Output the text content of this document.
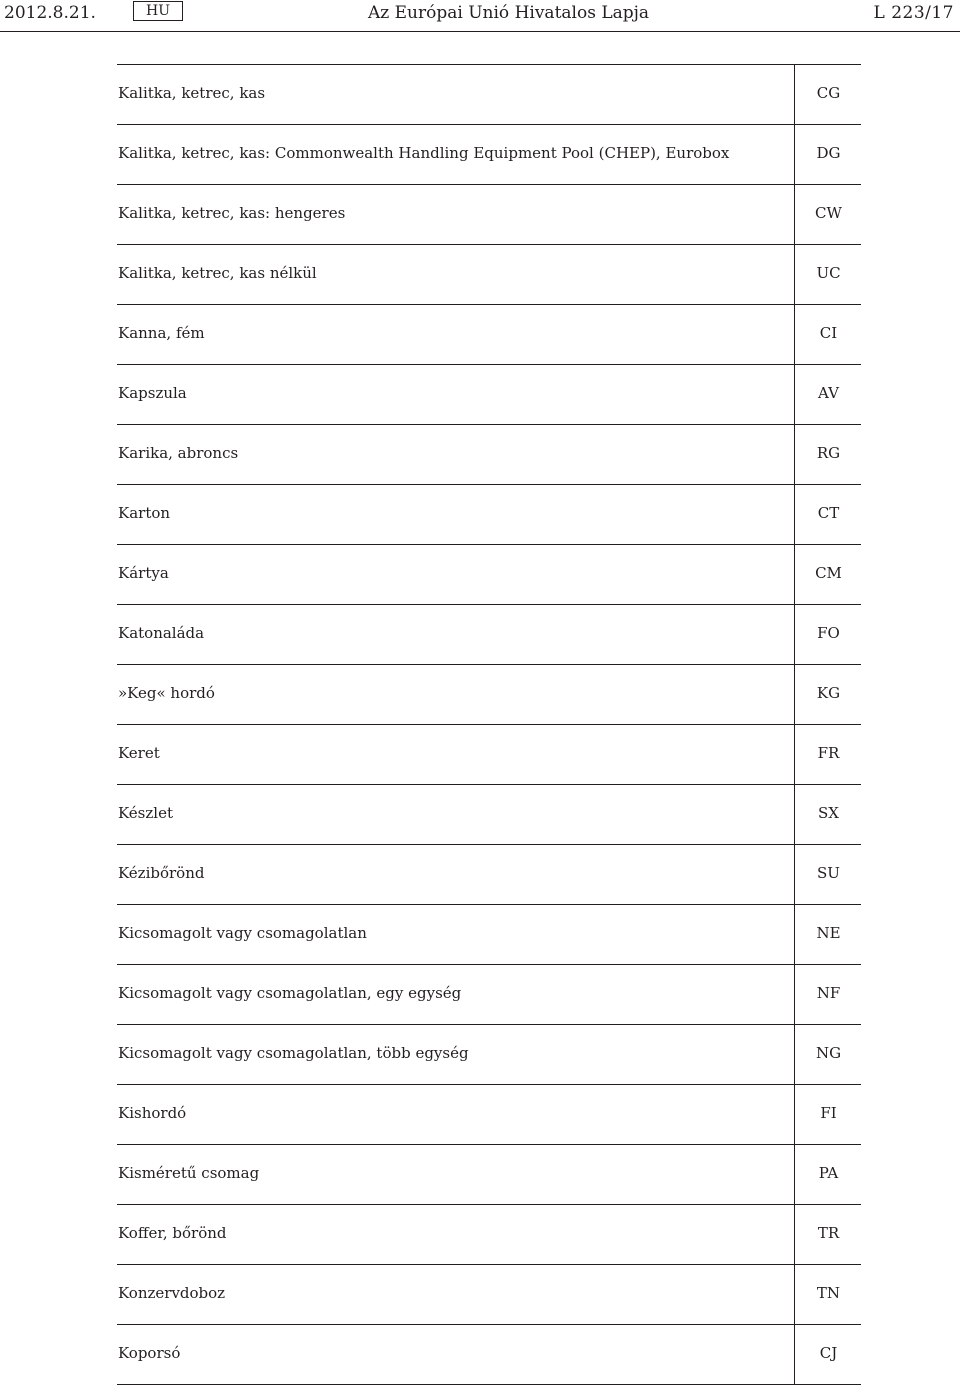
2012.8.21.	HU	Az Európai Unió Hivatalos Lapja	L 223/17
Kalitka, ketrec, kas	CG
Kalitka, ketrec, kas: Commonwealth Handling Equipment Pool (CHEP), Eurobox	DG
Kalitka, ketrec, kas: hengeres	CW
Kalitka, ketrec, kas nélkül	UC
Kanna, fém	CI
Kapszula	AV
Karika, abroncs	RG
Karton	CT
Kártya	CM
Katonaláda	FO
»Keg« hordó	KG
Keret	FR
Készlet	SX
Kézibőrönd	SU
Kicsomagolt vagy csomagolatlan	NE
Kicsomagolt vagy csomagolatlan, egy egység	NF
Kicsomagolt vagy csomagolatlan, több egység	NG
Kishordó	FI
Kisméretű csomag	PA
Koffer, bőrönd	TR
Konzervdoboz	TN
Koporsó	CJ
